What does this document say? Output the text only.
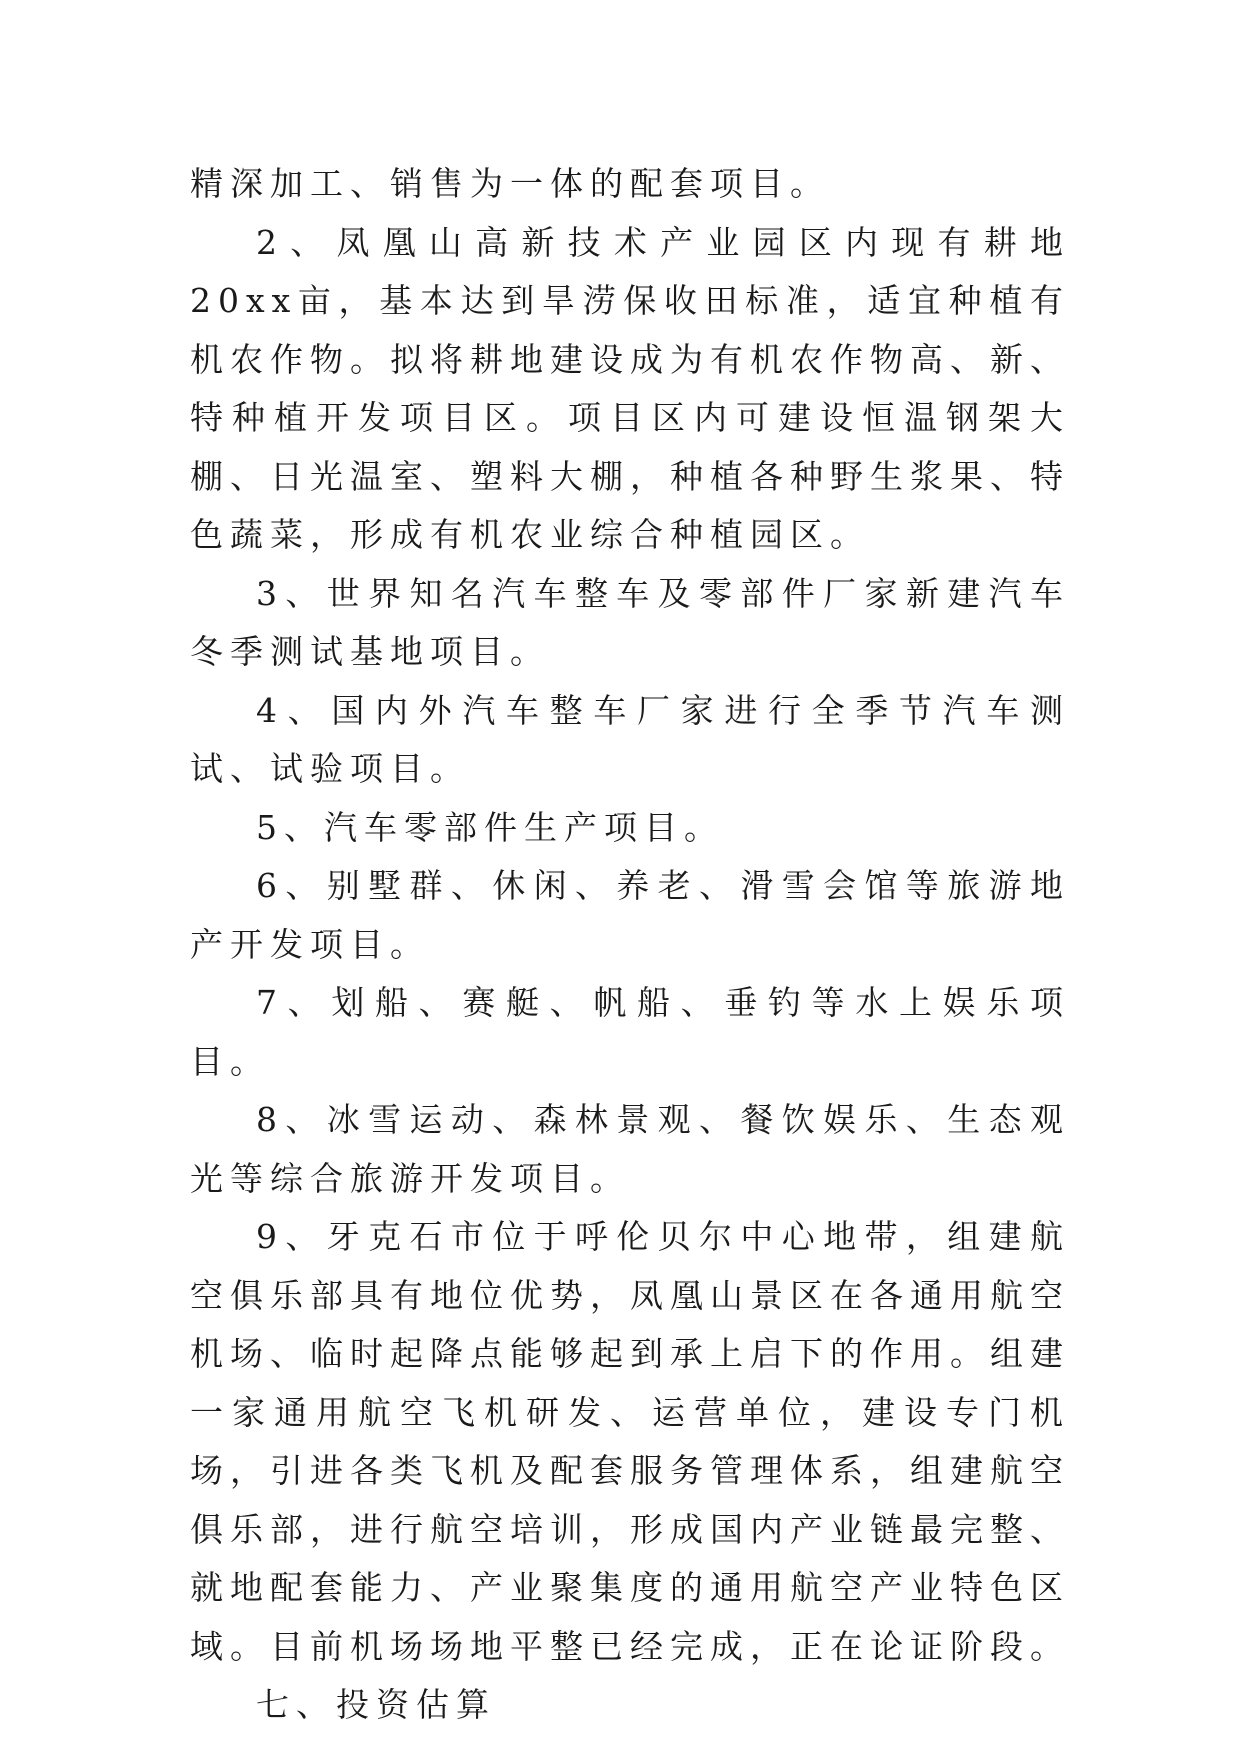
精深加工、销售为一体的配套项目。

2、凤凰山高新技术产业园区内现有耕地20xx亩，基本达到旱涝保收田标准，适宜种植有机农作物。拟将耕地建设成为有机农作物高、新、特种植开发项目区。项目区内可建设恒温钢架大棚、日光温室、塑料大棚，种植各种野生浆果、特色蔬菜，形成有机农业综合种植园区。

3、世界知名汽车整车及零部件厂家新建汽车冬季测试基地项目。

4、国内外汽车整车厂家进行全季节汽车测试、试验项目。

5、汽车零部件生产项目。

6、别墅群、休闲、养老、滑雪会馆等旅游地产开发项目。

7、划船、赛艇、帆船、垂钓等水上娱乐项目。

8、冰雪运动、森林景观、餐饮娱乐、生态观光等综合旅游开发项目。

9、牙克石市位于呼伦贝尔中心地带，组建航空俱乐部具有地位优势，凤凰山景区在各通用航空机场、临时起降点能够起到承上启下的作用。组建一家通用航空飞机研发、运营单位，建设专门机场，引进各类飞机及配套服务管理体系，组建航空俱乐部，进行航空培训，形成国内产业链最完整、就地配套能力、产业聚集度的通用航空产业特色区域。目前机场场地平整已经完成，正在论证阶段。

七、投资估算
